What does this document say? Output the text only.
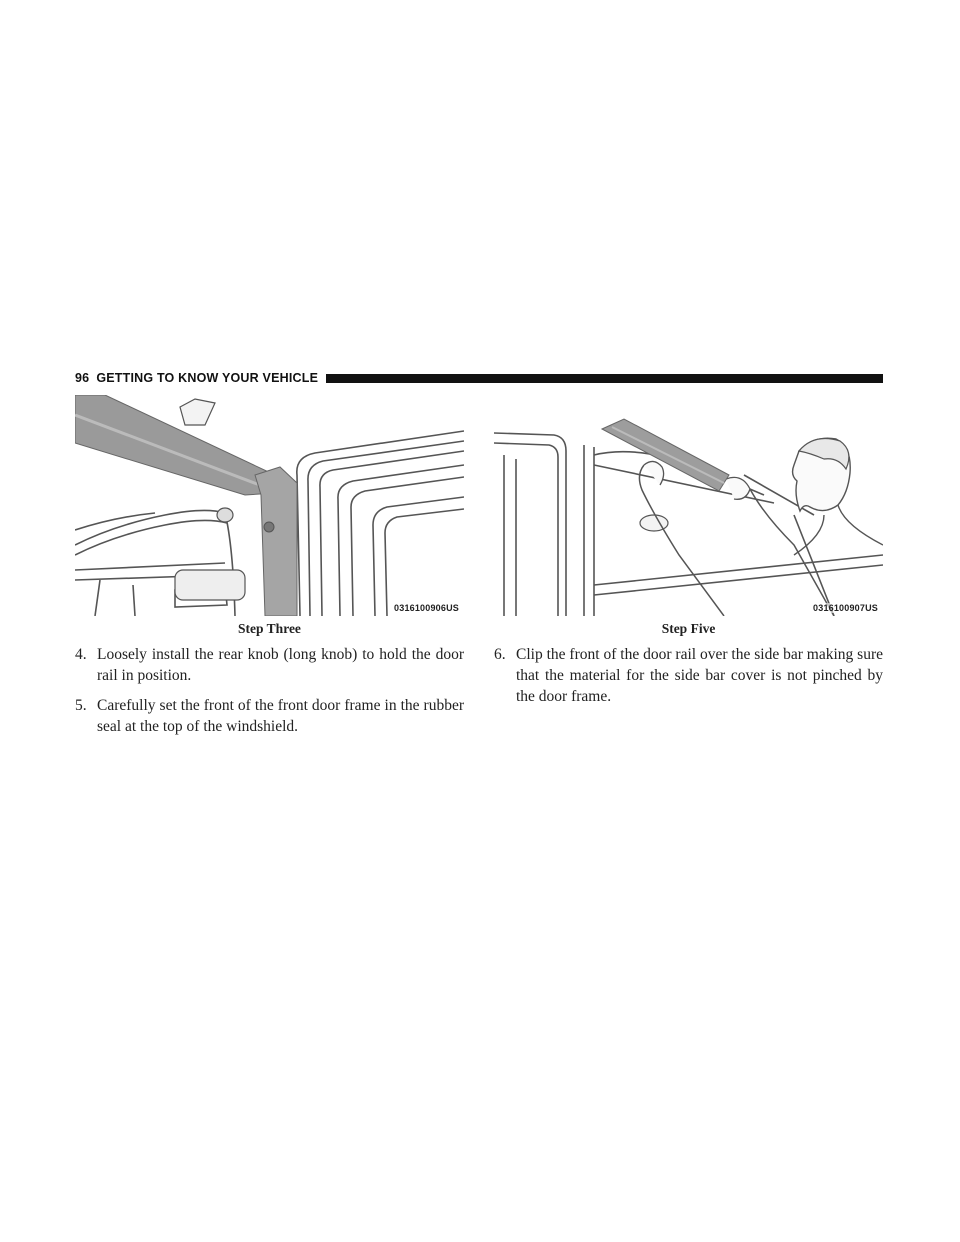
96 GETTING TO KNOW YOUR VEHICLE
0316100906US
Step Three
0316100907US
Step Five
4. Loosely install the rear knob (long knob) to hold the door rail in position.
5. Carefully set the front of the front door frame in the rubber seal at the top of the windshield.
6. Clip the front of the door rail over the side bar making sure that the material for the side bar cover is not pinched by the door frame.
